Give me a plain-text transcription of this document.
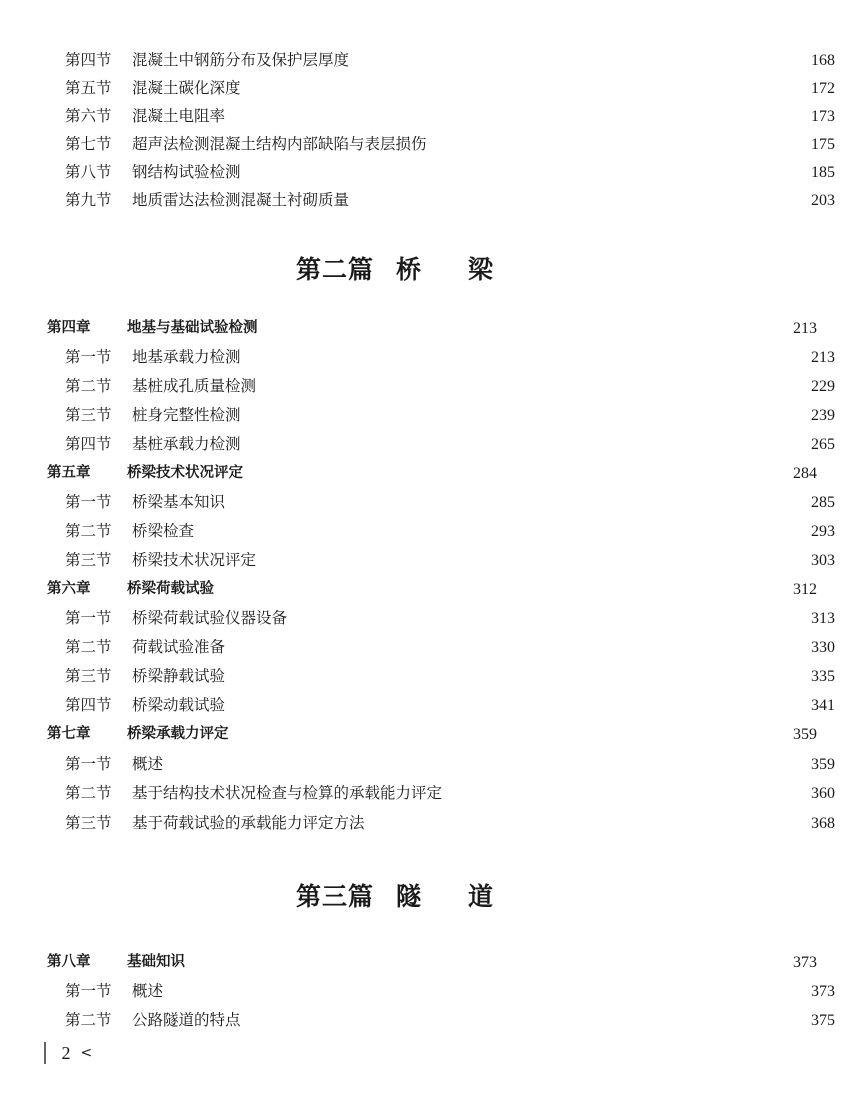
第四节	混凝土中钢筋分布及保护层厚度	168
第五节	混凝土碳化深度	172
第六节	混凝土电阻率	173
第七节	超声法检测混凝土结构内部缺陷与表层损伤	175
第八节	钢结构试验检测	185
第九节	地质雷达法检测混凝土衬砌质量	203
第二篇 桥 梁
第四章	地基与基础试验检测	213
第一节	地基承载力检测	213
第二节	基桩成孔质量检测	229
第三节	桩身完整性检测	239
第四节	基桩承载力检测	265
第五章	桥梁技术状况评定	284
第一节	桥梁基本知识	285
第二节	桥梁检查	293
第三节	桥梁技术状况评定	303
第六章	桥梁荷载试验	312
第一节	桥梁荷载试验仪器设备	313
第二节	荷载试验准备	330
第三节	桥梁静载试验	335
第四节	桥梁动载试验	341
第七章	桥梁承载力评定	359
第一节	概述	359
第二节	基于结构技术状况检查与检算的承载能力评定	360
第三节	基于荷载试验的承载能力评定方法	368
第三篇 隧 道
第八章	基础知识	373
第一节	概述	373
第二节	公路隧道的特点	375
2 <
